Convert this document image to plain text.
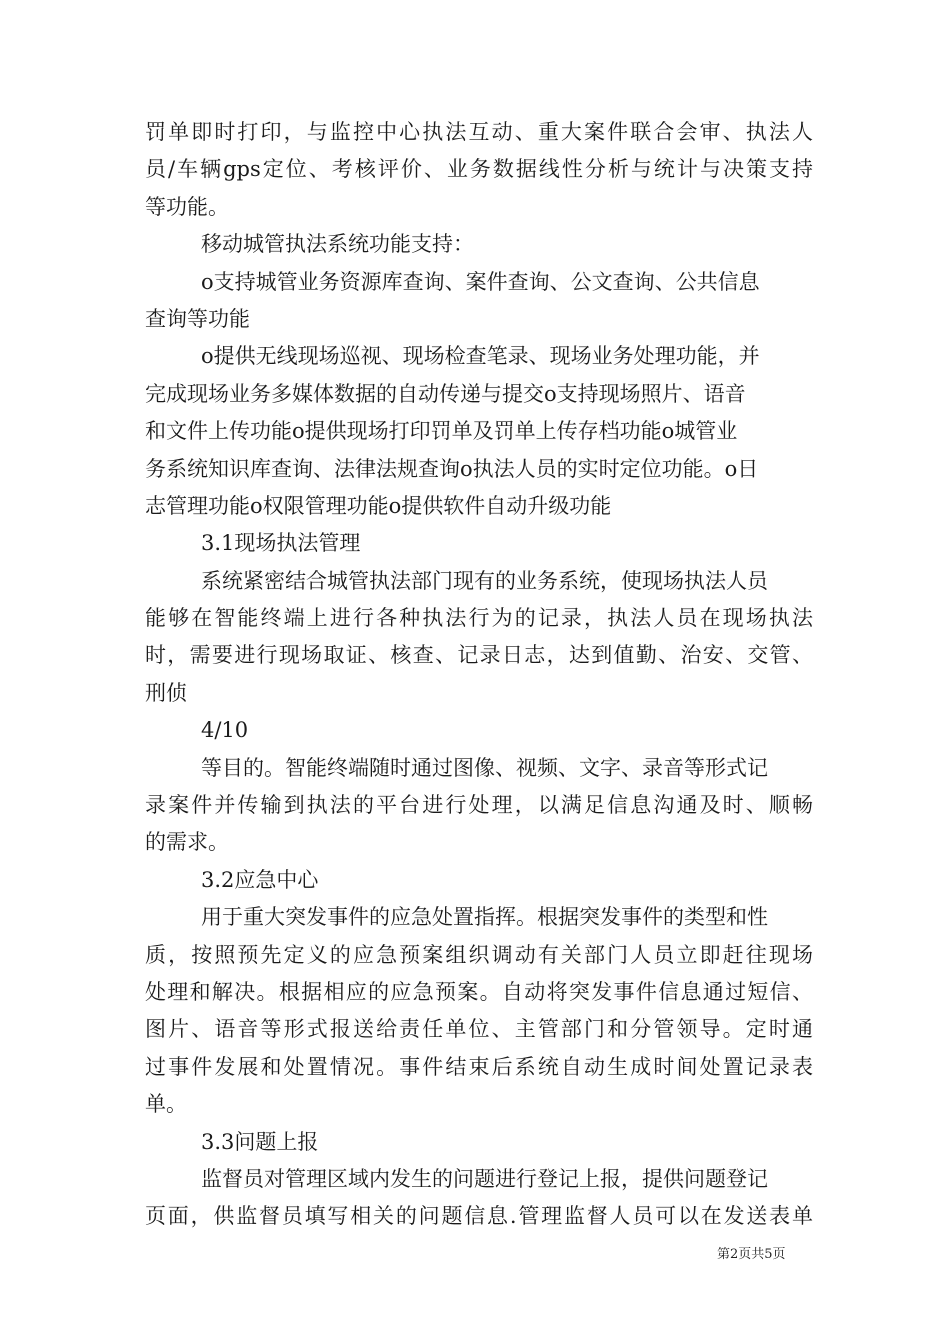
罚单即时打印，与监控中心执法互动、重大案件联合会审、执法人
员/车辆gps定位、考核评价、业务数据线性分析与统计与决策支持
等功能。
移动城管执法系统功能支持：
o支持城管业务资源库查询、案件查询、公文查询、公共信息
查询等功能
o提供无线现场巡视、现场检查笔录、现场业务处理功能，并
完成现场业务多媒体数据的自动传递与提交o支持现场照片、语音
和文件上传功能o提供现场打印罚单及罚单上传存档功能o城管业
务系统知识库查询、法律法规查询o执法人员的实时定位功能。o日
志管理功能o权限管理功能o提供软件自动升级功能
3.1现场执法管理
系统紧密结合城管执法部门现有的业务系统，使现场执法人员
能够在智能终端上进行各种执法行为的记录，执法人员在现场执法
时，需要进行现场取证、核查、记录日志，达到值勤、治安、交管、
刑侦
4/10
等目的。智能终端随时通过图像、视频、文字、录音等形式记
录案件并传输到执法的平台进行处理，以满足信息沟通及时、顺畅
的需求。
3.2应急中心
用于重大突发事件的应急处置指挥。根据突发事件的类型和性
质，按照预先定义的应急预案组织调动有关部门人员立即赶往现场
处理和解决。根据相应的应急预案。自动将突发事件信息通过短信、
图片、语音等形式报送给责任单位、主管部门和分管领导。定时通
过事件发展和处置情况。事件结束后系统自动生成时间处置记录表
单。
3.3问题上报
监督员对管理区域内发生的问题进行登记上报，提供问题登记
页面，供监督员填写相关的问题信息.管理监督人员可以在发送表单
第2页共5页
